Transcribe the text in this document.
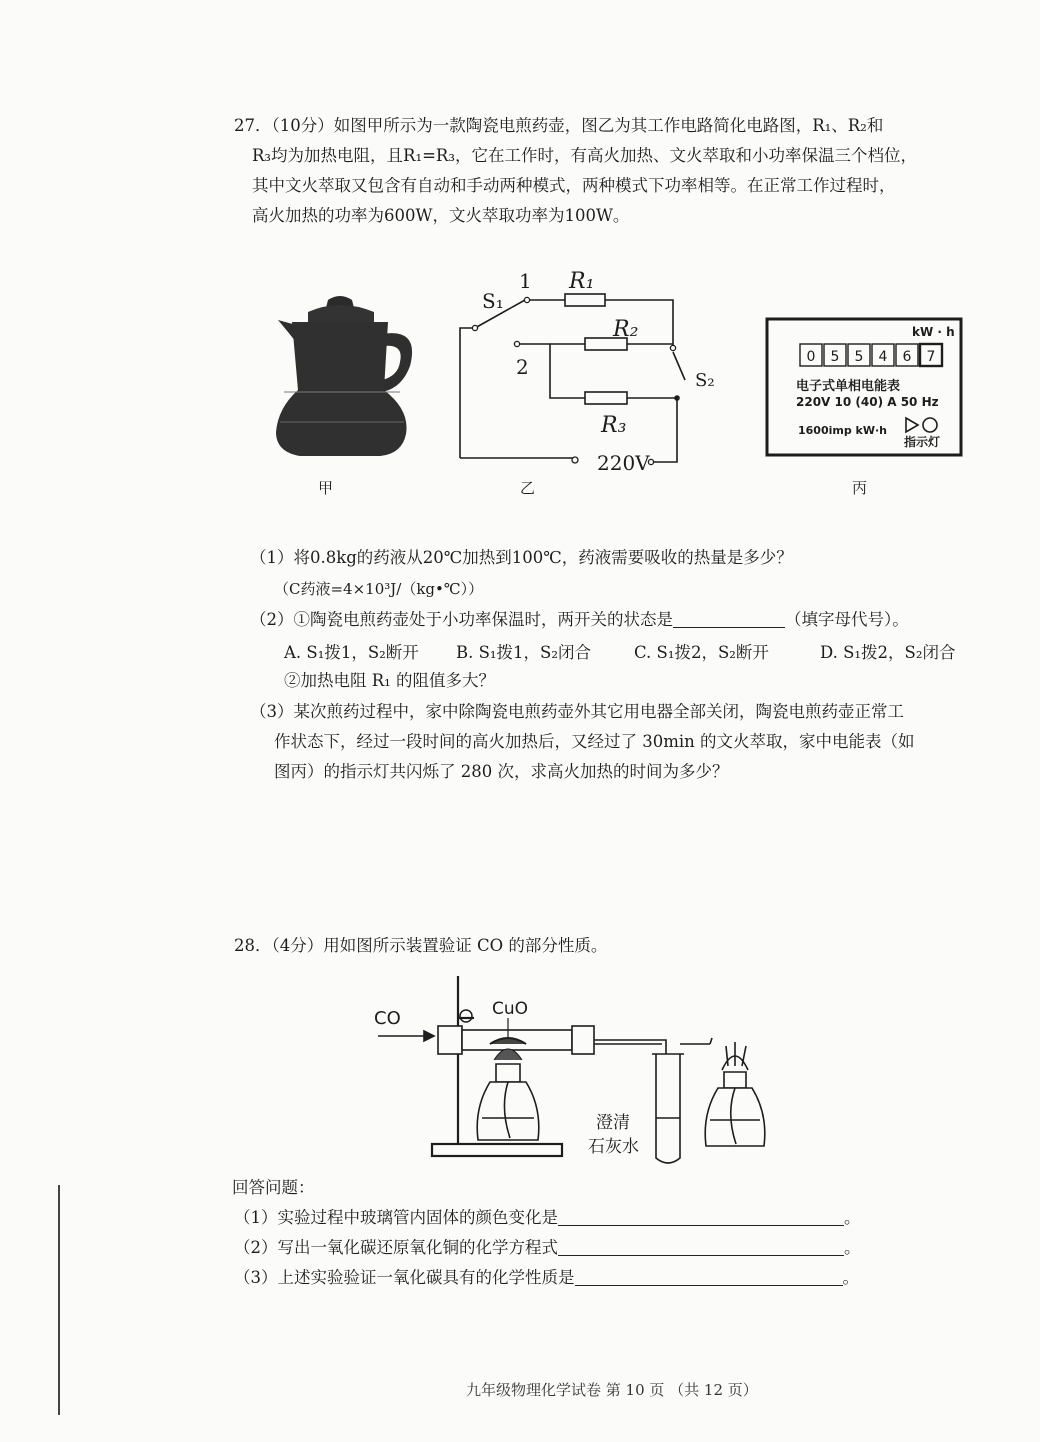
27．（10分）如图甲所示为一款陶瓷电煎药壶，图乙为其工作电路简化电路图，R₁、R₂和
R₃均为加热电阻，且R₁=R₃，它在工作时，有高火加热、文火萃取和小功率保温三个档位，
其中文火萃取又包含有自动和手动两种模式，两种模式下功率相等。在正常工作过程时，
高火加热的功率为600W，文火萃取功率为100W。
甲
S₁
1
2
R₁
R₂
R₃
S₂
220V
乙
kW · h
0 5 5 4 6 7
电子式单相电能表
220V 10 (40) A 50 Hz
1600imp kW·h
指示灯
丙
（1）将0.8kg的药液从20℃加热到100℃，药液需要吸收的热量是多少？
（C药液=4×10³J/（kg•℃））
（2）①陶瓷电煎药壶处于小功率保温时，两开关的状态是	（填字母代号）。
A. S₁拨1，S₂断开 B. S₁拨1，S₂闭合	C. S₁拨2，S₂断开	D. S₁拨2，S₂闭合
②加热电阻 R₁ 的阻值多大？
（3）某次煎药过程中，家中除陶瓷电煎药壶外其它用电器全部关闭，陶瓷电煎药壶正常工
作状态下，经过一段时间的高火加热后，又经过了 30min 的文火萃取，家中电能表（如
图丙）的指示灯共闪烁了 280 次，求高火加热的时间为多少？
28．（4分）用如图所示装置验证 CO 的部分性质。
CO	CuO
澄清
石灰水
回答问题：
（1）实验过程中玻璃管内固体的颜色变化是	。
（2）写出一氧化碳还原氧化铜的化学方程式	。
（3）上述实验验证一氧化碳具有的化学性质是	。
九年级物理化学试卷 第 10 页 （共 12 页）
